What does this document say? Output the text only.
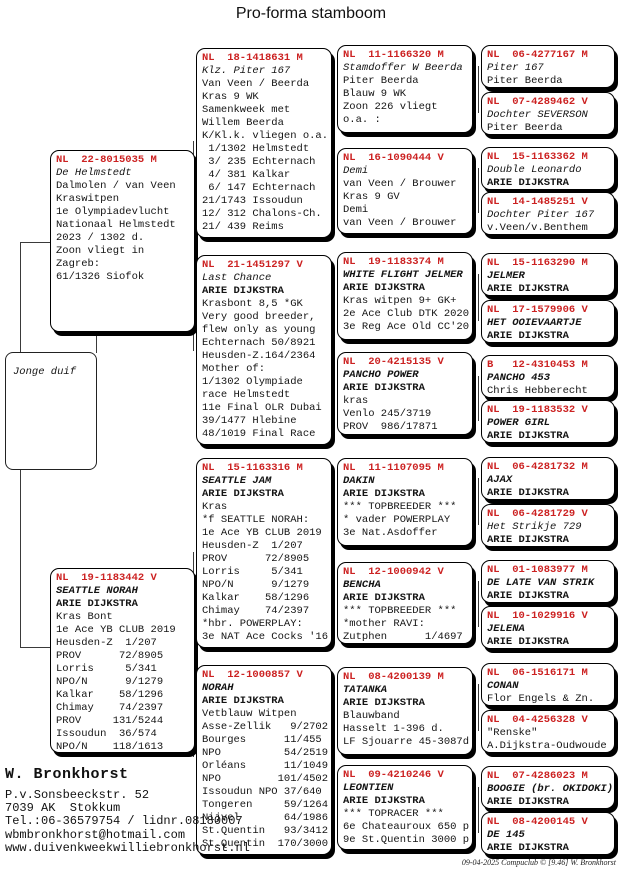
Pro-forma stamboom
Jonge duif
NL  22-8015035 M
De Helmstedt
Dalmolen / van Veen
Kraswitpen
1e Olympiadevlucht
Nationaal Helmstedt
2023 / 1302 d.
Zoon vliegt in
Zagreb:
61/1326 Siofok
NL  19-1183442 V
SEATTLE NORAH
ARIE DIJKSTRA
Kras Bont
1e Ace YB CLUB 2019
Heusden-Z  1/207
PROV      72/8905
Lorris     5/341
NPO/N      9/1279
Kalkar    58/1296
Chimay    74/2397
PROV     131/5244
Issoudun  36/574
NPO/N    118/1613
NL  18-1418631 M
Klz. Piter 167
Van Veen / Beerda
Kras 9 WK
Samenkweek met
Willem Beerda
K/Kl.k. vliegen o.a.
1/1302 Helmstedt
3/ 235 Echternach
4/ 381 Kalkar
6/ 147 Echternach
21/1743 Issoudun
12/ 312 Chalons-Ch.
21/ 439 Reims
NL  21-1451297 V
Last Chance
ARIE DIJKSTRA
Krasbont 8,5 *GK
Very good breeder,
flew only as young
Echternach 50/8921
Heusden-Z.164/2364
Mother of:
1/1302 Olympiade
race Helmstedt
11e Final OLR Dubai
39/1477 Hlebine
48/1019 Final Race
NL  15-1163316 M
SEATTLE JAM
ARIE DIJKSTRA
Kras
*f SEATTLE NORAH:
1e Ace YB CLUB 2019
Heusden-Z  1/207
PROV      72/8905
Lorris     5/341
NPO/N      9/1279
Kalkar    58/1296
Chimay    74/2397
*hbr. POWERPLAY:
3e NAT Ace Cocks '16
NL  12-1000857 V
NORAH
ARIE DIJKSTRA
Vetblauw Witpen
Asse-Zellik   9/2702
Bourges      11/455
NPO          54/2519
Orléans      11/1049
NPO         101/4502
Issoudun NPO 37/640
Tongeren     59/1264
Nijvel       64/1986
St.Quentin   93/3412
St.Quentin  170/3000
NL  11-1166320 M
Stamdoffer W Beerda
Piter Beerda
Blauw 9 WK
Zoon 226 vliegt
o.a. :
NL  16-1090444 V
Demi
van Veen / Brouwer
Kras 9 GV
Demi
van Veen / Brouwer
NL  19-1183374 M
WHITE FLIGHT JELMER
ARIE DIJKSTRA
Kras witpen 9+ GK+
2e Ace Club DTK 2020
3e Reg Ace Old CC'20
NL  20-4215135 V
PANCHO POWER
ARIE DIJKSTRA
kras
Venlo 245/3719
PROV  986/17871
NL  11-1107095 M
DAKIN
ARIE DIJKSTRA
*** TOPBREEDER ***
* vader POWERPLAY
3e Nat.Asdoffer
NL  12-1000942 V
BENCHA
ARIE DIJKSTRA
*** TOPBREEDER ***
*mother RAVI:
Zutphen      1/4697
NL  08-4200139 M
TATANKA
ARIE DIJKSTRA
Blauwband
Hasselt 1-396 d.
LF Sjouarre 45-3087d
NL  09-4210246 V
LEONTIEN
ARIE DIJKSTRA
*** TOPRACER ***
6e Chateauroux 650 p
9e St.Quentin 3000 p
NL  06-4277167 M
Piter 167
Piter Beerda
NL  07-4289462 V
Dochter SEVERSON
Piter Beerda
NL  15-1163362 M
Double Leonardo
ARIE DIJKSTRA
NL  14-1485251 V
Dochter Piter 167
v.Veen/v.Benthem
NL  15-1163290 M
JELMER
ARIE DIJKSTRA
NL  17-1579906 V
HET OOIEVAARTJE
ARIE DIJKSTRA
B   12-4310453 M
PANCHO 453
Chris Hebberecht
NL  19-1183532 V
POWER GIRL
ARIE DIJKSTRA
NL  06-4281732 M
AJAX
ARIE DIJKSTRA
NL  06-4281729 V
Het Strikje 729
ARIE DIJKSTRA
NL  01-1083977 M
DE LATE VAN STRIK
ARIE DIJKSTRA
NL  10-1029916 V
JELENA
ARIE DIJKSTRA
NL  06-1516171 M
CONAN
Flor Engels & Zn.
NL  04-4256328 V
"Renske"
A.Dijkstra-Oudwoude
NL  07-4286023 M
BOOGIE (br. OKIDOKI)
ARIE DIJKSTRA
NL  08-4200145 V
DE 145
ARIE DIJKSTRA
W. Bronkhorst
P.v.Sonsbeeckstr. 52
7039 AK  Stokkum
Tel.:06-36579754 / lidnr.08180007
wbmbronkhorst@hotmail.com
www.duivenkweekwilliebronkhorst.nl
09-04-2025 Compuclub © [9.46] W. Bronkhorst
